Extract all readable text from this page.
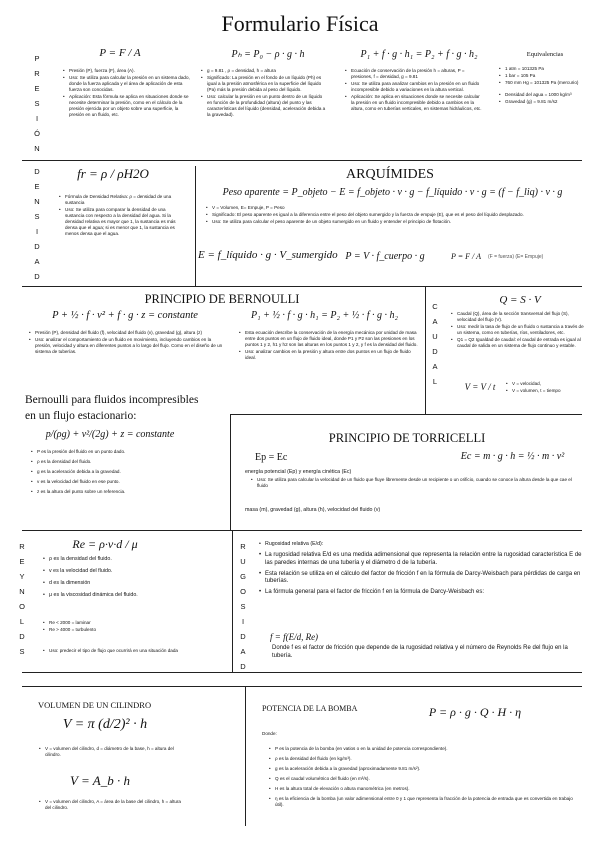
Formulario Física
P
R
E
S
I
Ó
N
P = F / A
• Presión (P), fuerza (F), área (A).
• Uso: Se utiliza para calcular la presión en un sistema dado, donde la fuerza aplicada y el área de aplicación de esta fuerza son conocidas.
• Aplicación: Esta fórmula se aplica en situaciones donde se necesite determinar la presión, como en el cálculo de la presión ejercida por un objeto sobre una superficie, la presión en un fluido, etc.
Pₕ = P₀ − ρ · g · h
• g = 9.81 , ρ = densidad, h = altura
• Significado: La presión en el fondo de un líquido (Ph) es igual a la presión atmosférica en la superficie del líquido (Pa) más la presión debida al peso del líquido.
• Uso: calcular la presión en un punto dentro de un líquido en función de la profundidad (altura) del punto y las características del líquido (densidad, aceleración debida a la gravedad).
P₁ + f · g · h₁ = P₂ + f · g · h₂
• Ecuación de conservación de la presión h = alturas, P = presiones, f = densidad, g = 9.81
• Uso: Se utiliza para analizar cambios en la presión en un fluido incompresible debido a variaciones en la altura vertical.
• Aplicación: Se aplica en situaciones donde se necesite calcular la presión en un fluido incompresible debido a cambios en la altura, como en tuberías verticales, en sistemas hidráulicos, etc.
Equivalencias
• 1 atm = 101325 Pa
• 1 bar = 105 Pa
• 760 mm Hg = 101325 Pa (mercurio)
• Densidad del agua = 1000 kg/m³
• Gravedad (g) = 9.81 m/s2
D
E
N
S
I
D
A
D
fr = ρ / ρH2O
• Fórmula de Densidad Relativa: ρ = densidad de una sustancia
• Uso: Se utiliza para comparar la densidad de una sustancia con respecto a la densidad del agua. Si la densidad relativa es mayor que 1, la sustancia es más densa que el agua; si es menor que 1, la sustancia es menos densa que el agua.
ARQUÍMIDES
Peso aparente = P_objeto − E = f_objeto · v · g − f_líquido · v · g = (f − f_liq) · v · g
• V = Volumen, E= Empuje, P = Peso
• Significado: El peso aparente es igual a la diferencia entre el peso del objeto sumergido y la fuerza de empuje (E), que es el peso del líquido desplazado.
• Uso: Se utiliza para calcular el peso aparente de un objeto sumergido en un fluido y entender el principio de flotación.
E = f_líquido · g · V_sumergido P = V · f_cuerpo · g	P = F / A	(F = fuerza) (E= Empuje)
PRINCIPIO DE BERNOULLI
P + ½ · f · v² + f · g · z = constante
• Presión (P), densidad del fluido (f), velocidad del fluido (v), gravedad (g), altura (z)
• Uso: analizar el comportamiento de un fluido en movimiento, incluyendo cambios en la presión, velocidad y altura en diferentes puntos a lo largo del flujo. Como en el diseño de un sistema de tuberías.
P₁ + ½ · f · g · h₁ = P₂ + ½ · f · g · h₂
• Esta ecuación describe la conservación de la energía mecánica por unidad de masa entre dos puntos en un flujo de fluido ideal, donde P1 y P2 son las presiones en los puntos 1 y 2, h1 y h2 son las alturas en los puntos 1 y 2, y f es la densidad del fluido.
• Uso: analizar cambios en la presión y altura entre dos puntos en un flujo de fluido ideal.
Bernoulli para fluidos incompresibles
en un flujo estacionario:
p/(ρg) + v²/(2g) + z = constante
• P es la presión del fluido en un punto dado.
• ρ es la densidad del fluido.
• g es la aceleración debida a la gravedad.
• v es la velocidad del fluido en ese punto.
• z es la altura del punto sobre un referencia.
C
A
U
D
A
L
Q = S · V
• Caudal (Q), área de la sección transversal del flujo (S), velocidad del flujo (V).
• Uso: medir la tasa de flujo de un fluido o sustancia a través de un sistema, como en tuberías, ríos, ventiladores, etc.
• Q1 = Q2 Igualdad de caudal: el caudal de entrada es igual al caudal de salida en un sistema de flujo continuo y estable.
V = V / t
•	V = velocidad,
• V = volumen, t = tiempo
PRINCIPIO DE TORRICELLI
Ep = Ec	Ec = m · g · h = ½ · m · v²
energía potencial (Ep) y energía cinética (Ec)
• Uso: Se utiliza para calcular la velocidad de un fluido que fluye libremente desde un recipiente o un orificio, cuando se conoce la altura desde la que cae el fluido
masa (m), gravedad (g), altura (h), velocidad del fluido (v)
R
E
Y
N
O
L
D
S
Re = ρ·v·d / μ
• ρ es la densidad del fluido.
• v es la velocidad del fluido.
• d es la dimensión
• μ es la viscosidad dinámica del fluido.
• Re < 2000 = laminar
• Re > 4000 = turbulento
• Uso: predecir el tipo de flujo que ocurrirá en una situación dada
R
U
G
O
S
I
D
A
D
• Rugosidad relativa (E/d):
• La rugosidad relativa E/d es una medida adimensional que representa la relación entre la rugosidad característica E de las paredes internas de una tubería y el diámetro d de la tubería.
• Esta relación se utiliza en el cálculo del factor de fricción f en la fórmula de Darcy-Weisbach para pérdidas de carga en tuberías.
• La fórmula general para el factor de fricción f en la fórmula de Darcy-Weisbach es:
f = f(E/d, Re)
Donde f es el factor de fricción que depende de la rugosidad relativa y el número de Reynolds Re del flujo en la tubería.
VOLUMEN DE UN CILINDRO
V = π (d/2)² · h
• V = volumen del cilindro, d = diámetro de la base, h = altura del cilindro.
V = A_b · h
• V = volumen del cilindro, A = área de la base del cilindro, h = altura del cilindro.
POTENCIA DE LA BOMBA	P = ρ · g · Q · H · η
Donde:
• P es la potencia de la bomba (en vatios o en la unidad de potencia correspondiente).
• ρ es la densidad del fluido (en kg/m³).
• g es la aceleración debida a la gravedad (aproximadamente 9.81 m/s²).
• Q es el caudal volumétrico del fluido (en m³/s).
• H es la altura total de elevación o altura manométrica (en metros).
• η es la eficiencia de la bomba (un valor adimensional entre 0 y 1 que representa la fracción de la potencia de entrada que es convertida en trabajo útil).
